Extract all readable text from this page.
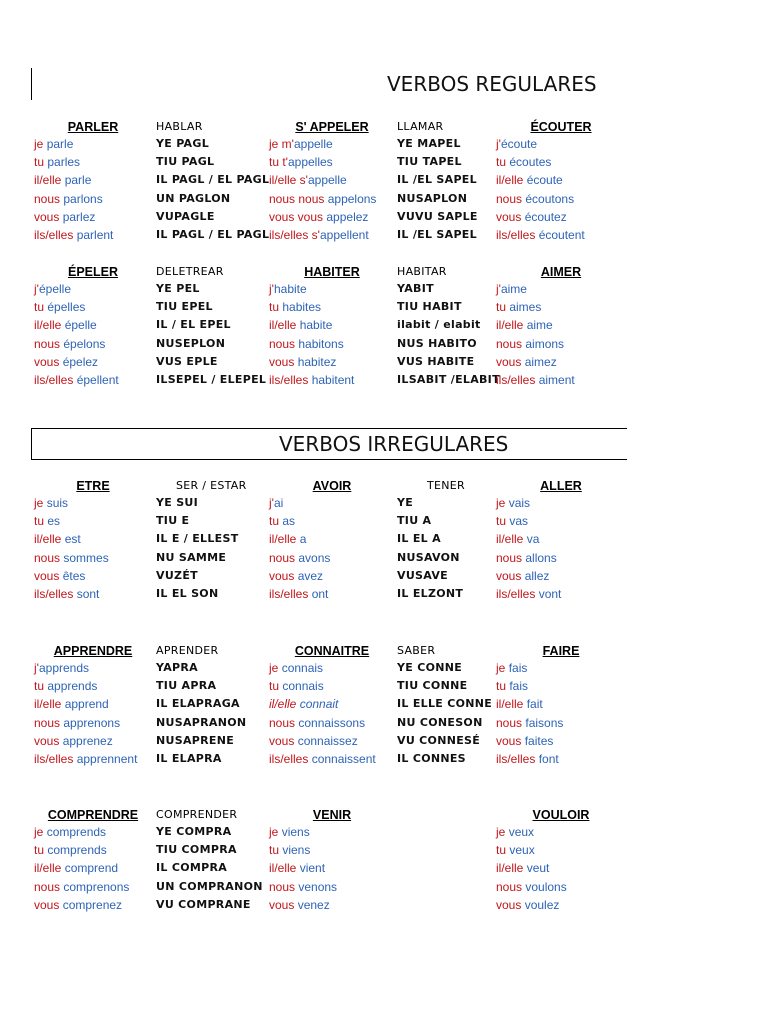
VERBOS REGULARES
PARLER
je parle
tu parles
il/elle parle
nous parlons
vous parlez
ils/elles parlent
HABLAR
YE PAGL
TIU PAGL
IL PAGL / EL PAGL
UN PAGLON
VUPAGLE
IL PAGL / EL PAGL
S' APPELER
je m'appelle
tu t'appelles
il/elle s'appelle
nous nous appelons
vous vous appelez
ils/elles s'appellent
LLAMAR
YE MAPEL
TIU TAPEL
IL /EL SAPEL
NUSAPLON
VUVU SAPLE
IL /EL SAPEL
ÉCOUTER
j'écoute
tu écoutes
il/elle écoute
nous écoutons
vous écoutez
ils/elles écoutent
ÉPELER
j'épelle
tu épelles
il/elle épelle
nous épelons
vous épelez
ils/elles épellent
DELETREAR
YE PEL
TIU EPEL
IL / EL EPEL
NUSEPLON
VUS EPLE
ILSEPEL / ELEPEL
HABITER
j'habite
tu habites
il/elle habite
nous habitons
vous habitez
ils/elles habitent
HABITAR
YABIT
TIU HABIT
ilabit / elabit
NUS HABITO
VUS HABITE
ILSABIT /ELABIT
AIMER
j'aime
tu aimes
il/elle aime
nous aimons
vous aimez
ils/elles aiment
VERBOS IRREGULARES
ETRE
je suis
tu es
il/elle est
nous sommes
vous êtes
ils/elles sont
SER / ESTAR
YE SUI
TIU E
IL E / ELLEST
NU SAMME
VUZÉT
IL EL SON
AVOIR
j'ai
tu as
il/elle a
nous avons
vous avez
ils/elles ont
TENER
YE
TIU A
IL EL A
NUSAVON
VUSAVE
IL ELZONT
ALLER
je vais
tu vas
il/elle va
nous allons
vous allez
ils/elles vont
APPRENDRE
j'apprends
tu apprends
il/elle apprend
nous apprenons
vous apprenez
ils/elles apprennent
APRENDER
YAPRA
TIU APRA
IL ELAPRAGA
NUSAPRANON
NUSAPRENE
IL ELAPRA
CONNAITRE
je connais
tu connais
il/elle connait
nous connaissons
vous connaissez
ils/elles connaissent
SABER
YE CONNE
TIU CONNE
IL ELLE CONNE
NU CONESON
VU CONNESÉ
IL CONNES
FAIRE
je fais
tu fais
il/elle fait
nous faisons
vous faites
ils/elles font
COMPRENDRE
je comprends
tu comprends
il/elle comprend
nous comprenons
vous comprenez
COMPRENDER
YE COMPRA
TIU COMPRA
IL COMPRA
UN COMPRANON
VU COMPRANE
VENIR
je viens
tu viens
il/elle vient
nous venons
vous venez
VOULOIR
je veux
tu veux
il/elle veut
nous voulons
vous voulez
